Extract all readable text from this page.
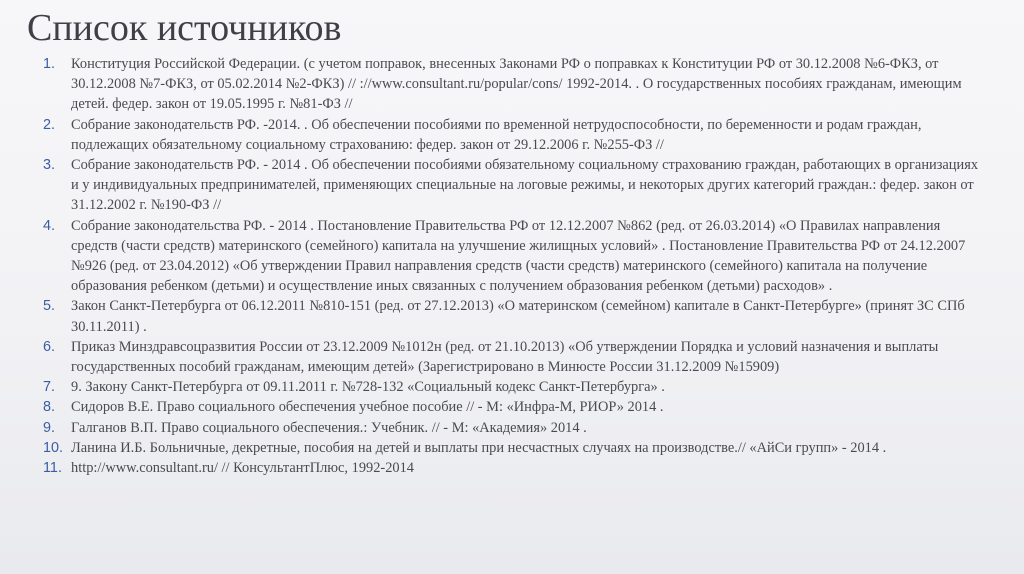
Список источников
1.	Конституция Российской Федерации. (с учетом поправок, внесенных Законами РФ о поправках к Конституции РФ от 30.12.2008 №6-ФКЗ, от 30.12.2008 №7-ФКЗ, от 05.02.2014 №2-ФКЗ) // ://www.consultant.ru/popular/cons/ 1992-2014. . О государственных пособиях гражданам, имеющим детей. федер. закон от 19.05.1995 г. №81-ФЗ //
2.	Собрание законодательств РФ. -2014. . Об обеспечении пособиями по временной нетрудоспособности, по беременности и родам граждан, подлежащих обязательному социальному страхованию: федер. закон от 29.12.2006 г. №255-ФЗ //
3.	Собрание законодательств РФ. - 2014 . Об обеспечении пособиями обязательному социальному страхованию граждан, работающих в организациях и у индивидуальных предпринимателей, применяющих специальные на логовые режимы, и некоторых других категорий граждан.: федер. закон от 31.12.2002 г. №190-ФЗ //
4.	Собрание законодательства РФ. - 2014 . Постановление Правительства РФ от 12.12.2007 №862 (ред. от 26.03.2014) «О Правилах направления средств (части средств) материнского (семейного) капитала на улучшение жилищных условий» . Постановление Правительства РФ от 24.12.2007 №926 (ред. от 23.04.2012) «Об утверждении Правил направления средств (части средств) материнского (семейного) капитала на получение образования ребенком (детьми) и осуществление иных связанных с получением образования ребенком (детьми) расходов» .
5.	Закон Санкт-Петербурга от 06.12.2011 №810-151 (ред. от 27.12.2013) «О материнском (семейном) капитале в Санкт-Петербурге» (принят ЗС СПб 30.11.2011) .
6.	Приказ Минздравсоцразвития России от 23.12.2009 №1012н (ред. от 21.10.2013) «Об утверждении Порядка и условий назначения и выплаты государственных пособий гражданам, имеющим детей» (Зарегистрировано в Минюсте России 31.12.2009 №15909)
7.	9. Закону Санкт-Петербурга от 09.11.2011 г. №728-132 «Социальный кодекс Санкт-Петербурга» .
8.	Сидоров В.Е. Право социального обеспечения учебное пособие // - М: «Инфра-М, РИОР» 2014 .
9.	Галганов В.П. Право социального обеспечения.: Учебник. // - М: «Академия» 2014 .
10. Ланина И.Б. Больничные, декретные, пособия на детей и выплаты при несчастных случаях на производстве.// «АйСи групп» - 2014 .
11. http://www.consultant.ru/ // КонсультантПлюс, 1992-2014
